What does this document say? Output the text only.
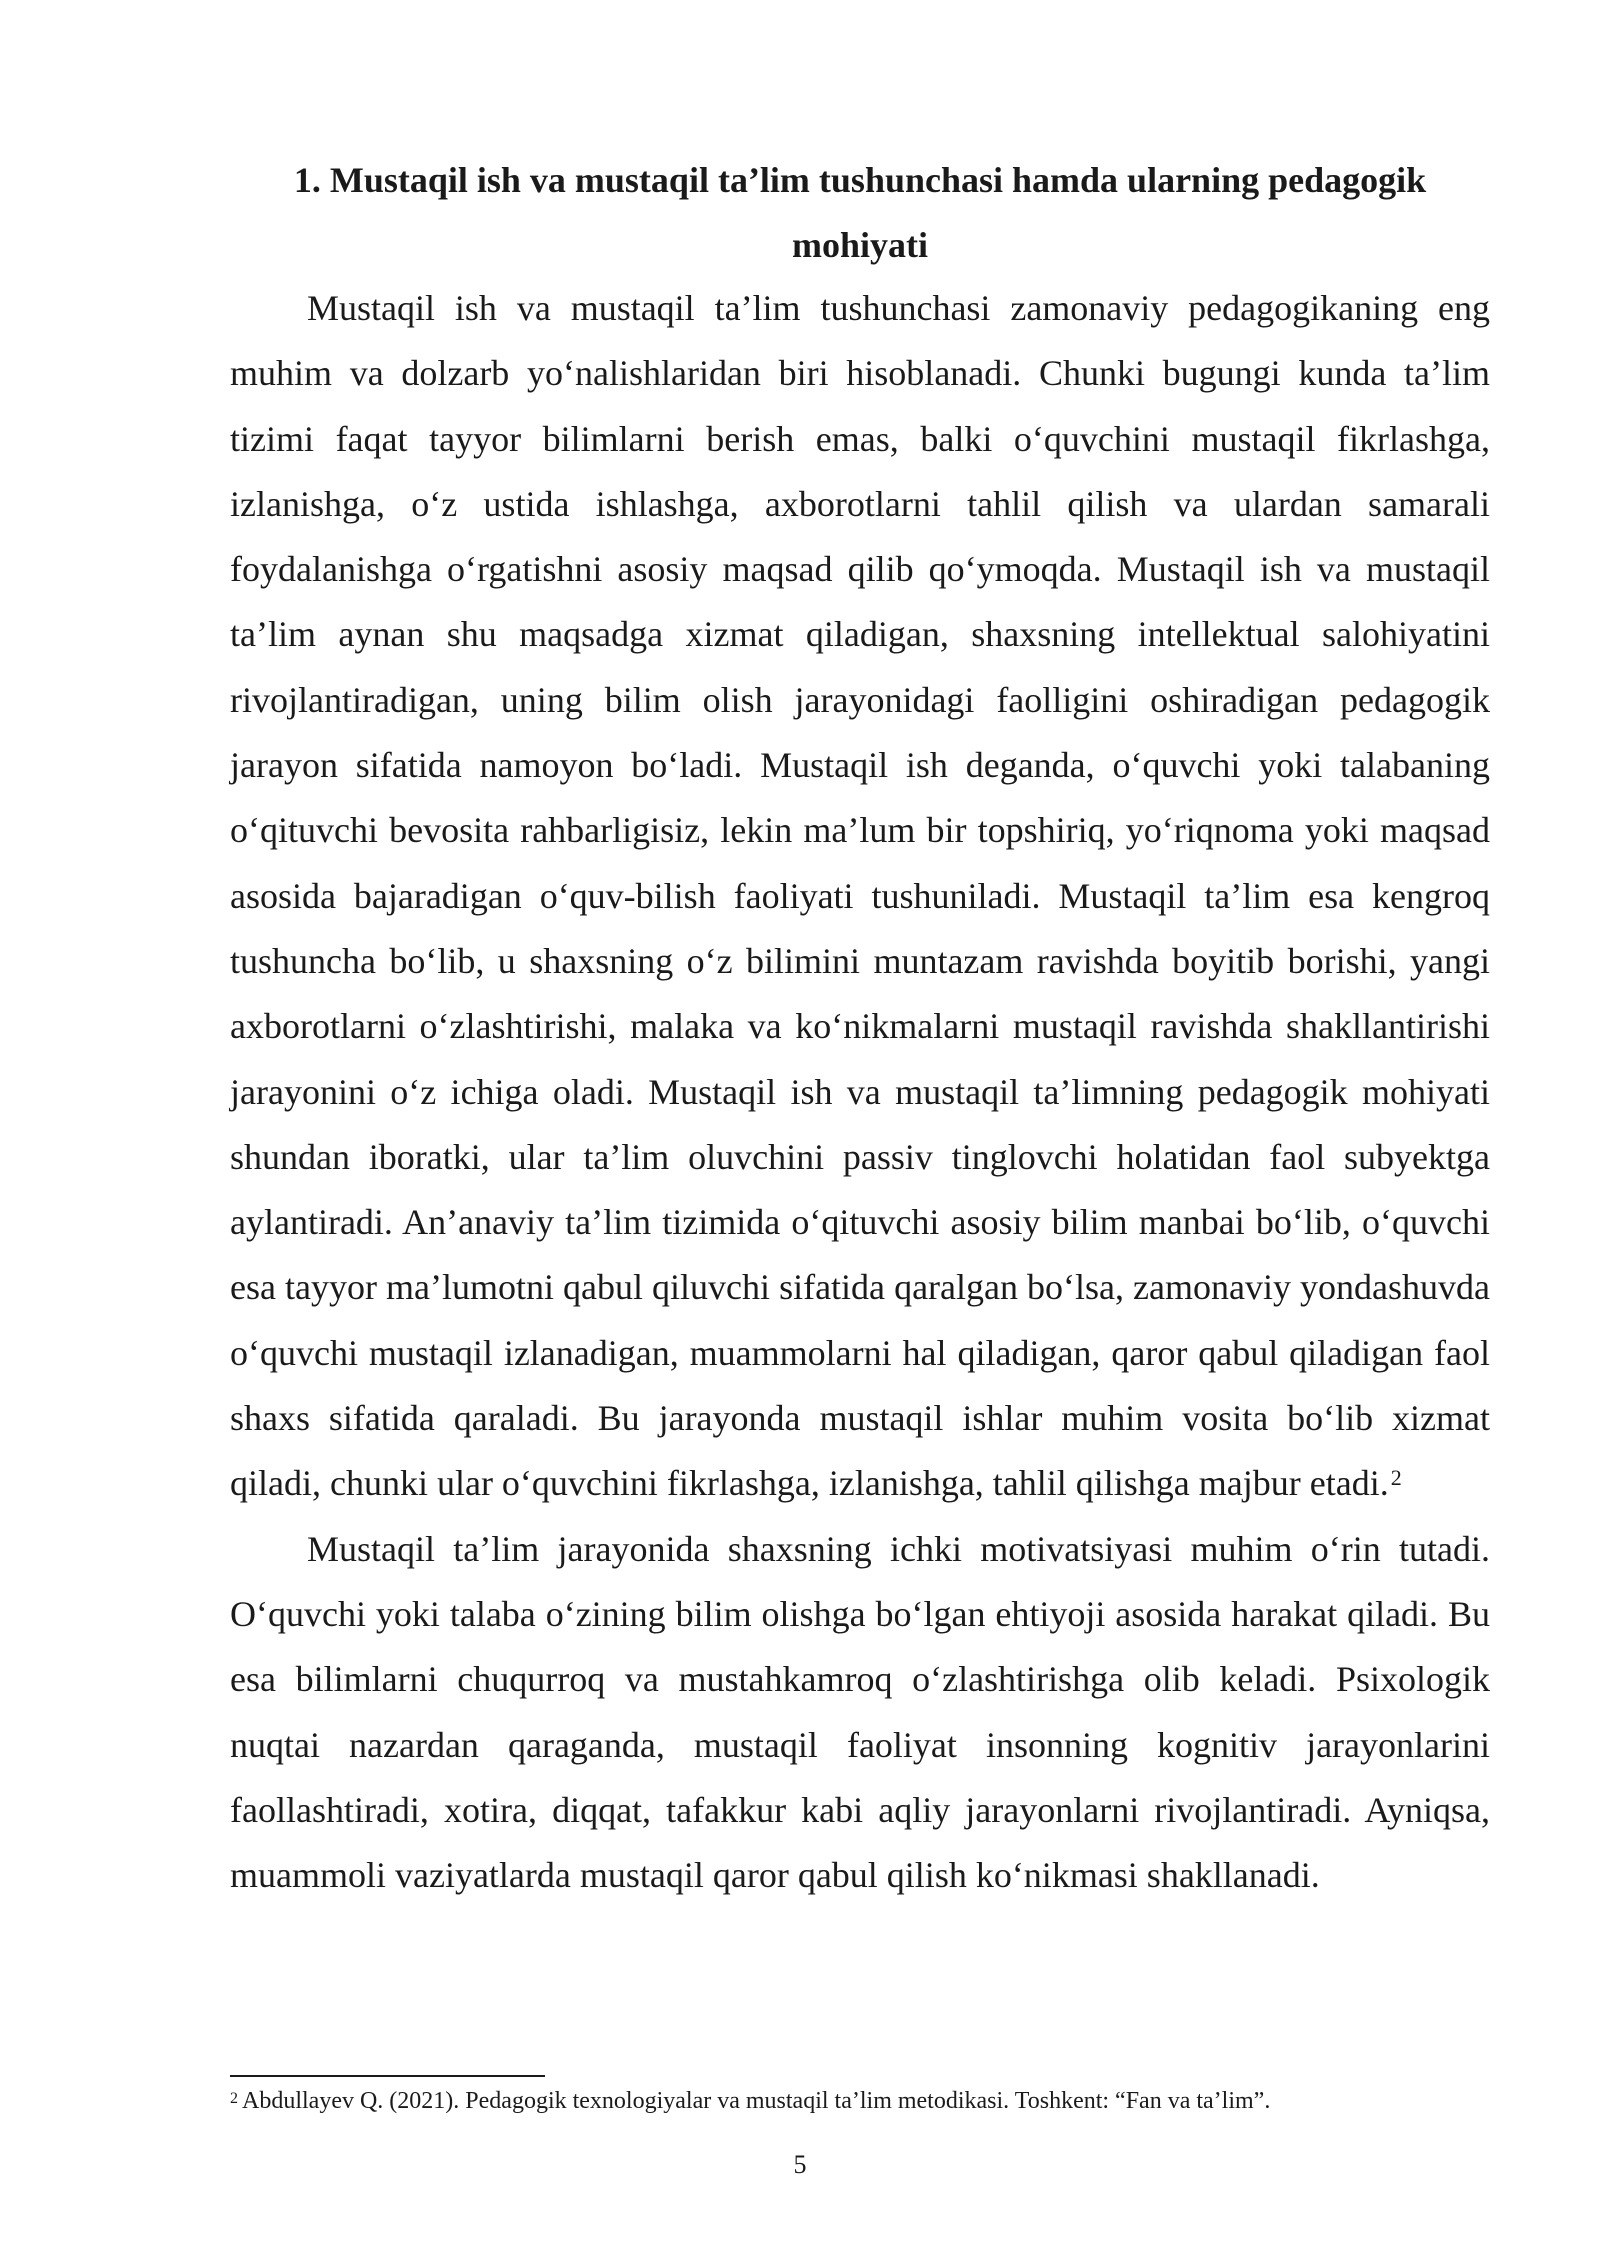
1. Mustaqil ish va mustaqil ta’lim tushunchasi hamda ularning pedagogik
mohiyati

Mustaqil ish va mustaqil ta’lim tushunchasi zamonaviy pedagogikaning eng muhim va dolzarb yo‘nalishlaridan biri hisoblanadi. Chunki bugungi kunda ta’lim tizimi faqat tayyor bilimlarni berish emas, balki o‘quvchini mustaqil fikrlashga, izlanishga, o‘z ustida ishlashga, axborotlarni tahlil qilish va ulardan samarali foydalanishga o‘rgatishni asosiy maqsad qilib qo‘ymoqda. Mustaqil ish va mustaqil ta’lim aynan shu maqsadga xizmat qiladigan, shaxsning intellektual salohiyatini rivojlantiradigan, uning bilim olish jarayonidagi faolligini oshiradigan pedagogik jarayon sifatida namoyon bo‘ladi. Mustaqil ish deganda, o‘quvchi yoki talabaning o‘qituvchi bevosita rahbarligisiz, lekin ma’lum bir topshiriq, yo‘riqnoma yoki maqsad asosida bajaradigan o‘quv-bilish faoliyati tushuniladi. Mustaqil ta’lim esa kengroq tushuncha bo‘lib, u shaxsning o‘z bilimini muntazam ravishda boyitib borishi, yangi axborotlarni o‘zlashtirishi, malaka va ko‘nikmalarni mustaqil ravishda shakllantirishi jarayonini o‘z ichiga oladi. Mustaqil ish va mustaqil ta’limning pedagogik mohiyati shundan iboratki, ular ta’lim oluvchini passiv tinglovchi holatidan faol subyektga aylantiradi. An’anaviy ta’lim tizimida o‘qituvchi asosiy bilim manbai bo‘lib, o‘quvchi esa tayyor ma’lumotni qabul qiluvchi sifatida qaralgan bo‘lsa, zamonaviy yondashuvda o‘quvchi mustaqil izlanadigan, muammolarni hal qiladigan, qaror qabul qiladigan faol shaxs sifatida qaraladi. Bu jarayonda mustaqil ishlar muhim vosita bo‘lib xizmat qiladi, chunki ular o‘quvchini fikrlashga, izlanishga, tahlil qilishga majbur etadi.$^2$

Mustaqil ta’lim jarayonida shaxsning ichki motivatsiyasi muhim o‘rin tutadi. O‘quvchi yoki talaba o‘zining bilim olishga bo‘lgan ehtiyoji asosida harakat qiladi. Bu esa bilimlarni chuqurroq va mustahkamroq o‘zlashtirishga olib keladi. Psixologik nuqtai nazardan qaraganda, mustaqil faoliyat insonning kognitiv jarayonlarini faollashtiradi, xotira, diqqat, tafakkur kabi aqliy jarayonlarni rivojlantiradi. Ayniqsa, muammoli vaziyatlarda mustaqil qaror qabul qilish ko‘nikmasi shakllanadi.

$^2$ Abdullayev Q. (2021). Pedagogik texnologiyalar va mustaqil ta’lim metodikasi. Toshkent: “Fan va ta’lim”.

5
